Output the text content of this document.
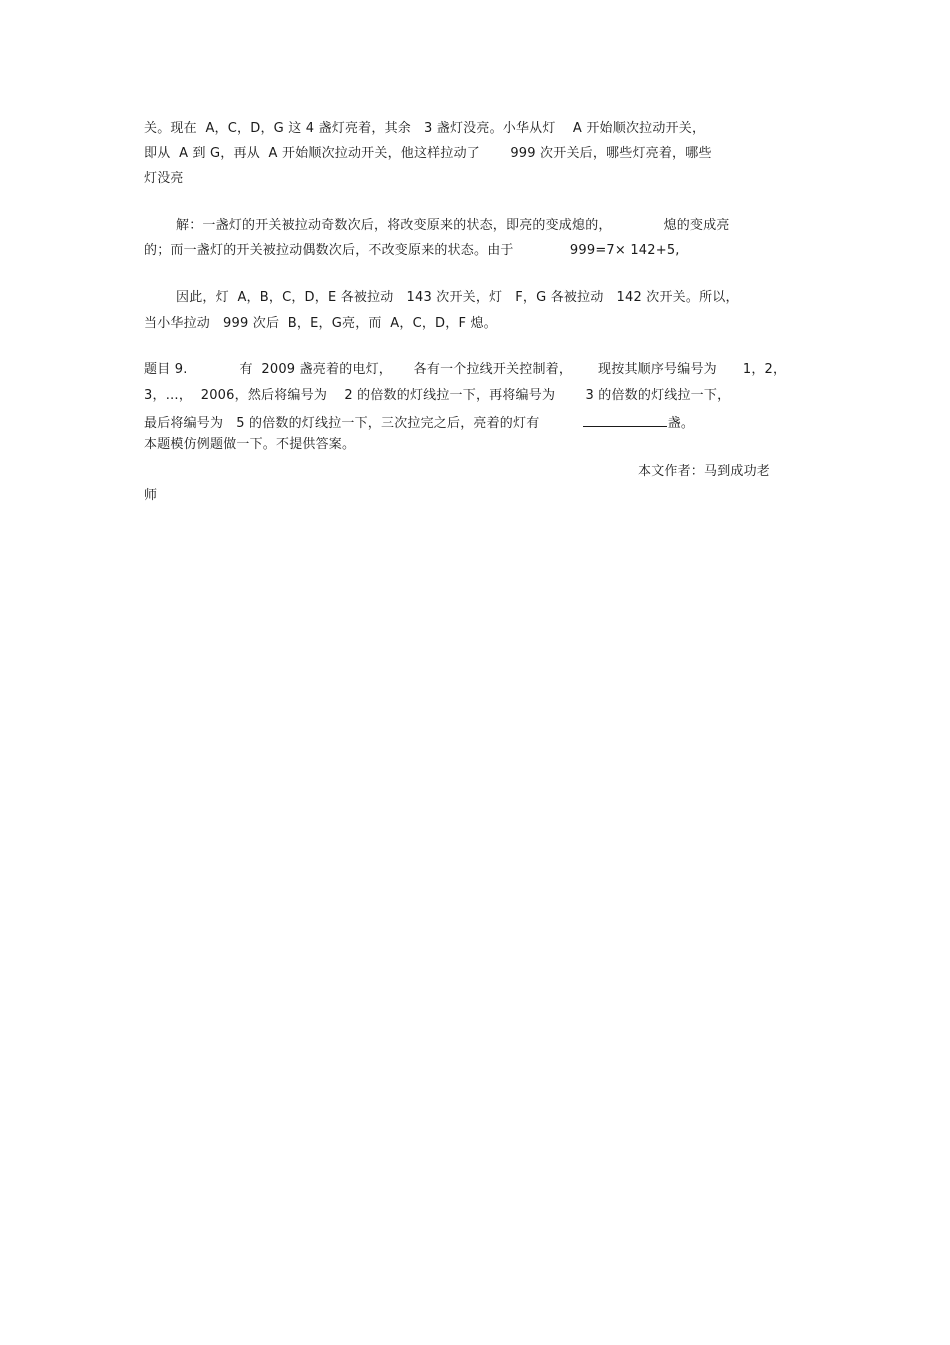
关。现在  A，C，D，G 这 4 盏灯亮着，其余   3 盏灯没亮。小华从灯    A 开始顺次拉动开关，
即从  A 到 G，再从  A 开始顺次拉动开关，他这样拉动了       999 次开关后，哪些灯亮着，哪些
灯没亮
解：一盏灯的开关被拉动奇数次后，将改变原来的状态，即亮的变成熄的，            熄的变成亮
的；而一盏灯的开关被拉动偶数次后，不改变原来的状态。由于             999=7× 142+5,
因此，灯  A，B，C，D，E 各被拉动   143 次开关，灯   F，G 各被拉动   142 次开关。所以，
当小华拉动   999 次后  B，E，G亮，而  A，C，D，F 熄。
题目 9.            有  2009 盏亮着的电灯，     各有一个拉线开关控制着，      现按其顺序号编号为      1，2，
3，…，  2006，然后将编号为    2 的倍数的灯线拉一下，再将编号为       3 的倍数的灯线拉一下，
最后将编号为   5 的倍数的灯线拉一下，三次拉完之后，亮着的灯有	盏。
本题模仿例题做一下。不提供答案。
本文作者：马到成功老
师
